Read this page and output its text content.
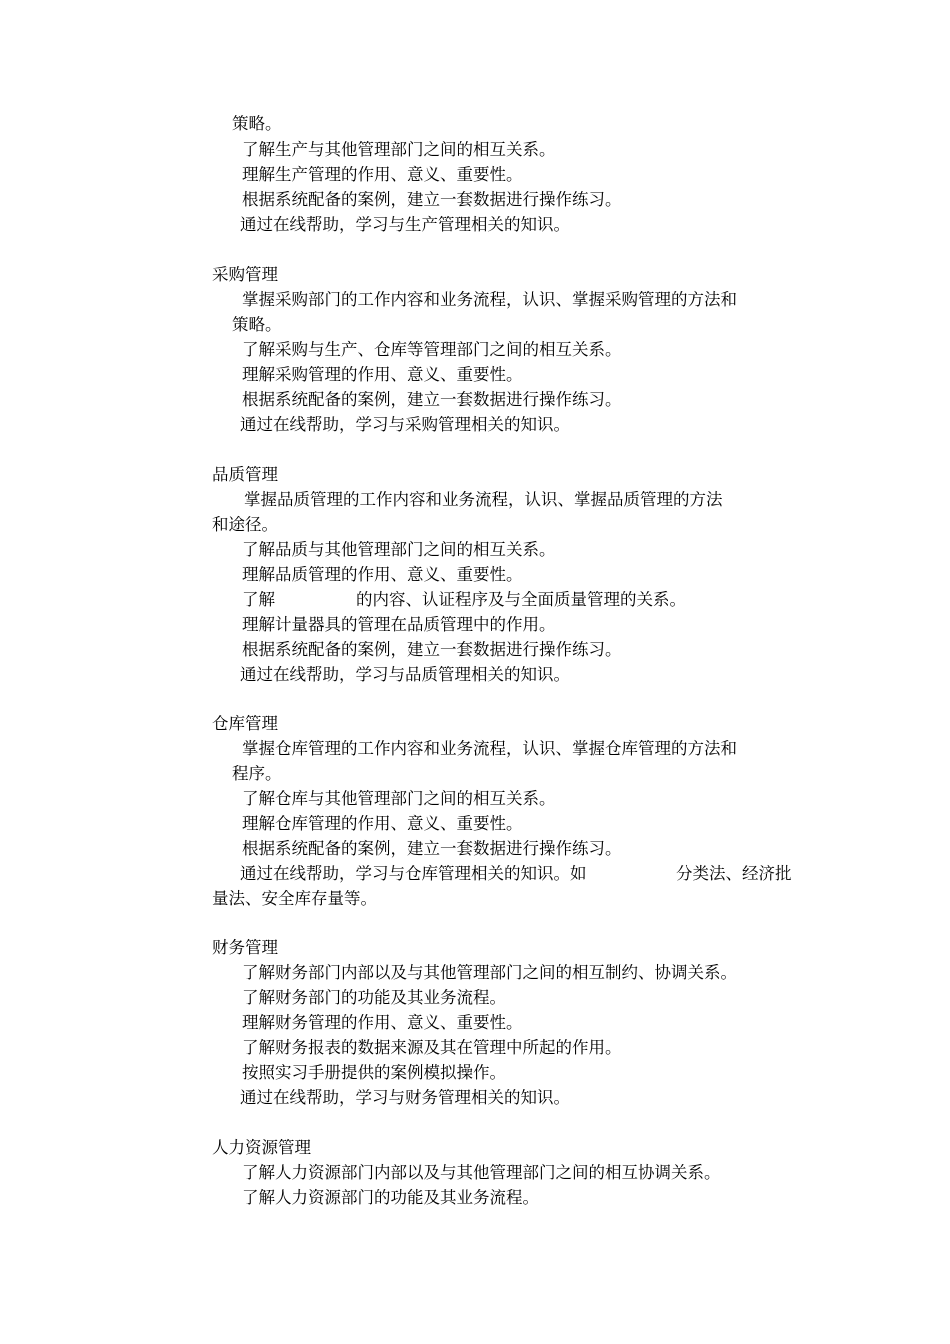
策略。
了解生产与其他管理部门之间的相互关系。
理解生产管理的作用、意义、重要性。
根据系统配备的案例，建立一套数据进行操作练习。
通过在线帮助，学习与生产管理相关的知识。
采购管理
掌握采购部门的工作内容和业务流程，认识、掌握采购管理的方法和
策略。
了解采购与生产、仓库等管理部门之间的相互关系。
理解采购管理的作用、意义、重要性。
根据系统配备的案例，建立一套数据进行操作练习。
通过在线帮助，学习与采购管理相关的知识。
品质管理
掌握品质管理的工作内容和业务流程，认识、掌握品质管理的方法
和途径。
了解品质与其他管理部门之间的相互关系。
理解品质管理的作用、意义、重要性。
了解	的内容、认证程序及与全面质量管理的关系。
理解计量器具的管理在品质管理中的作用。
根据系统配备的案例，建立一套数据进行操作练习。
通过在线帮助，学习与品质管理相关的知识。
仓库管理
掌握仓库管理的工作内容和业务流程，认识、掌握仓库管理的方法和
程序。
了解仓库与其他管理部门之间的相互关系。
理解仓库管理的作用、意义、重要性。
根据系统配备的案例，建立一套数据进行操作练习。
通过在线帮助，学习与仓库管理相关的知识。如	分类法、经济批
量法、安全库存量等。
财务管理
了解财务部门内部以及与其他管理部门之间的相互制约、协调关系。
了解财务部门的功能及其业务流程。
理解财务管理的作用、意义、重要性。
了解财务报表的数据来源及其在管理中所起的作用。
按照实习手册提供的案例模拟操作。
通过在线帮助，学习与财务管理相关的知识。
人力资源管理
了解人力资源部门内部以及与其他管理部门之间的相互协调关系。
了解人力资源部门的功能及其业务流程。
